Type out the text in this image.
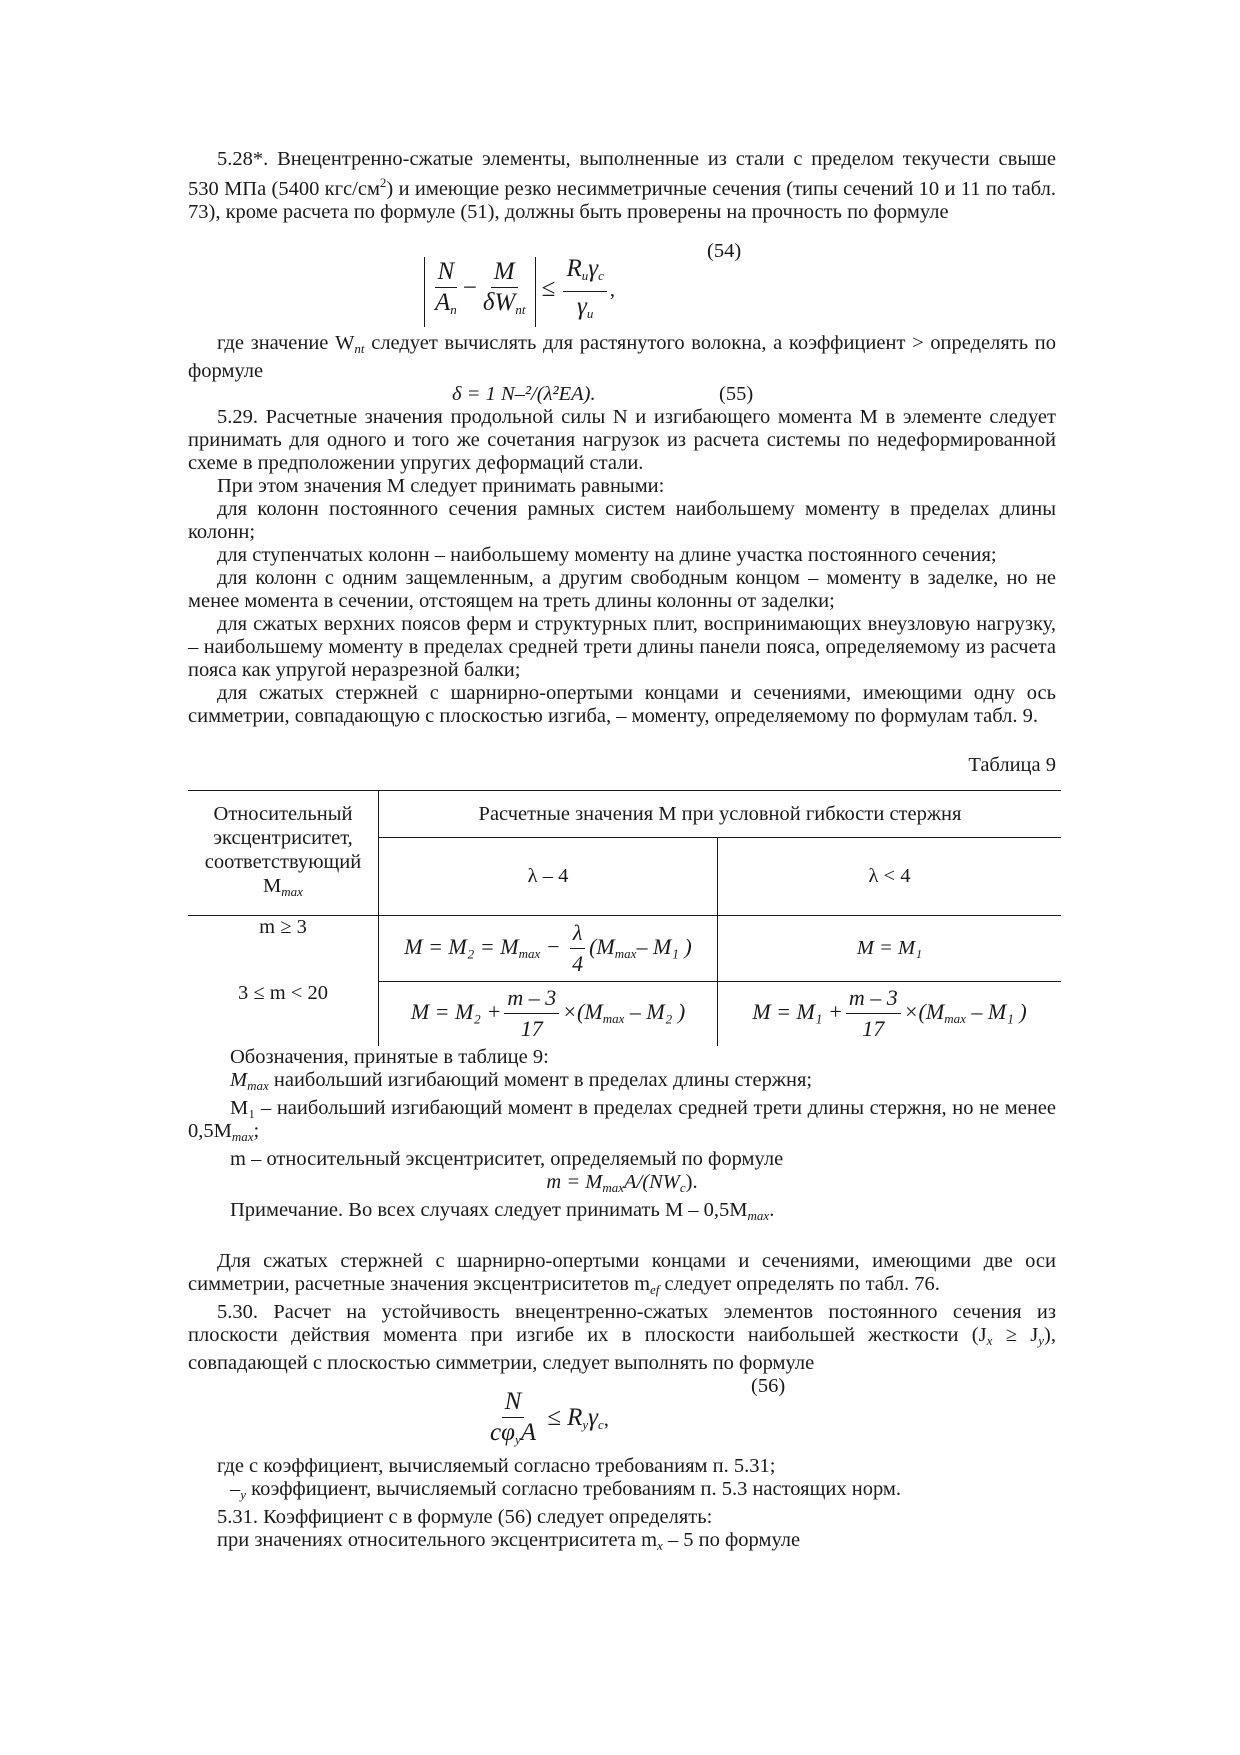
5.28*. Внецентренно-сжатые элементы, выполненные из стали с пределом текучести свыше 530 МПа (5400 кгс/$см^2$) и имеющие резко несимметричные сечения (типы сечений 10 и 11 по табл. 73), кроме расчета по формуле (51), должны быть проверены на прочность по формуле

(54)
$\frac{N}{A_n} - \frac{M}{\delta W_{nt}} \le \frac{R_u\gamma_c}{\gamma_u}$ ,

где значение $W_{nt}$ следует вычислять для растянутого волокна, а коэффициент > определять по формуле

δ = 1 N–²/(λ²EA).	(55)

5.29. Расчетные значения продольной силы N и изгибающего момента M в элементе следует принимать для одного и того же сочетания нагрузок из расчета системы по недеформированной схеме в предположении упругих деформаций стали.

При этом значения M следует принимать равными:

для колонн постоянного сечения рамных систем наибольшему моменту в пределах длины колонн;

для ступенчатых колонн – наибольшему моменту на длине участка постоянного сечения;

для колонн с одним защемленным, а другим свободным концом – моменту в заделке, но не менее момента в сечении, отстоящем на треть длины колонны от заделки;

для сжатых верхних поясов ферм и структурных плит, воспринимающих внеузловую нагрузку, – наибольшему моменту в пределах средней трети длины панели пояса, определяемому из расчета пояса как упругой неразрезной балки;

для сжатых стержней с шарнирно-опертыми концами и сечениями, имеющими одну ось симметрии, совпадающую с плоскостью изгиба, – моменту, определяемому по формулам табл. 9.

Таблица 9

Относительный эксцентриситет, соответствующий $M_{max}$	Расчетные значения M при условной гибкости стержня	
	λ – 4	λ < 4
m ≥ 3	$M = M_2 = M_{max} - \frac{\lambda}{4} (M_{max}-$ M₁ )	M = M₁
3 ≤ m < 20	$M = M_2 + \frac{m - 3}{17} \times(M_{max} - M_2$ )	$M = M_1 + \frac{m - 3}{17} \times(M_{max} - M_1$ )

Обозначения, принятые в таблице 9:

$M_{max}$ наибольший изгибающий момент в пределах длины стержня;

M₁ – наибольший изгибающий момент в пределах средней трети длины стержня, но не менее $0,5M_{max}$;

m – относительный эксцентриситет, определяемый по формуле

$m = M_{max}A/(NW_c)$.

Примечание. Во всех случаях следует принимать M – $0,5M_{max}$.

Для сжатых стержней с шарнирно-опертыми концами и сечениями, имеющими две оси симметрии, расчетные значения эксцентриситетов $m_{ef}$ следует определять по табл. 76.

5.30. Расчет на устойчивость внецентренно-сжатых элементов постоянного сечения из плоскости действия момента при изгибе их в плоскости наибольшей жесткости $(J_x \ge J_y)$, совпадающей с плоскостью симметрии, следует выполнять по формуле

(56)
$\frac{N}{c\varphi_yA} \le R_y\gamma_c$,

где c коэффициент, вычисляемый согласно требованиям п. 5.31;

$-_y$ коэффициент, вычисляемый согласно требованиям п. 5.3 настоящих норм.

5.31. Коэффициент c в формуле (56) следует определять:

при значениях относительного эксцентриситета $m_x - 5$ по формуле
